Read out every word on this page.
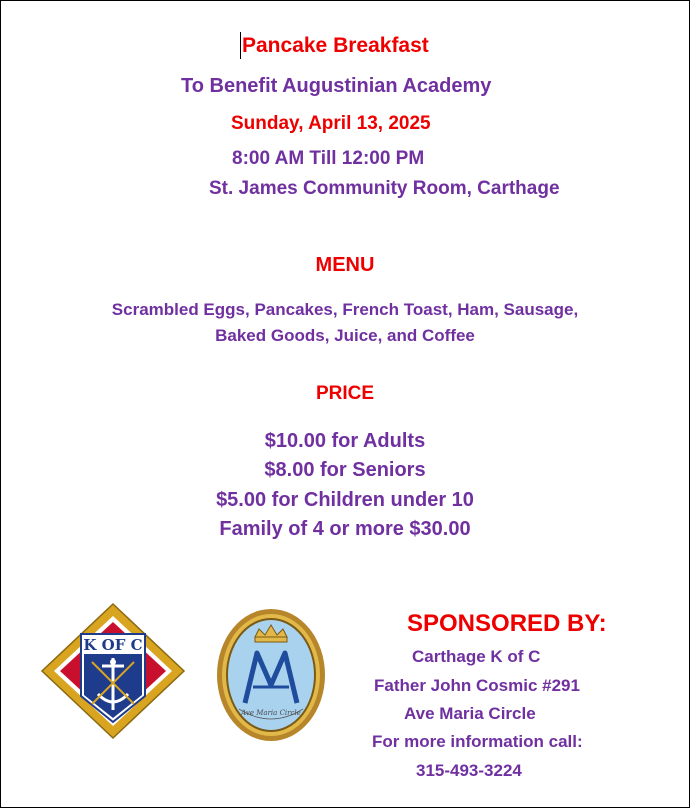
Pancake Breakfast
To Benefit Augustinian Academy
Sunday, April 13, 2025
8:00 AM Till 12:00 PM
St. James Community Room, Carthage
MENU
Scrambled Eggs, Pancakes, French Toast, Ham, Sausage,
Baked Goods, Juice, and Coffee
PRICE
$10.00 for Adults
$8.00 for Seniors
$5.00 for Children under 10
Family of 4 or more $30.00
K OF C
Ave Maria Circle
SPONSORED BY:
Carthage K of C
Father John Cosmic #291
Ave Maria Circle
For more information call:
315-493-3224
